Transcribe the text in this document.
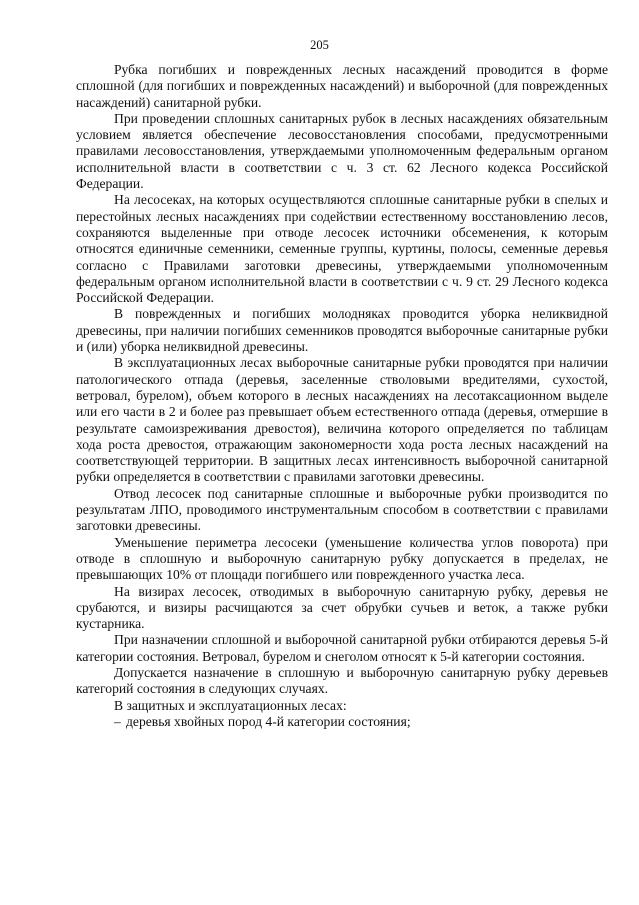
205

Рубка погибших и поврежденных лесных насаждений проводится в форме сплошной (для погибших и поврежденных насаждений) и выборочной (для поврежденных насаждений) санитарной рубки.

При проведении сплошных санитарных рубок в лесных насаждениях обязательным условием является обеспечение лесовосстановления способами, предусмотренными правилами лесовосстановления, утверждаемыми уполномоченным федеральным органом исполнительной власти в соответствии с ч. 3 ст. 62 Лесного кодекса Российской Федерации.

На лесосеках, на которых осуществляются сплошные санитарные рубки в спелых и перестойных лесных насаждениях при содействии естественному восстановлению лесов, сохраняются выделенные при отводе лесосек источники обсеменения, к которым относятся единичные семенники, семенные группы, куртины, полосы, семенные деревья согласно с Правилами заготовки древесины, утверждаемыми уполномоченным федеральным органом исполнительной власти в соответствии с ч. 9 ст. 29 Лесного кодекса Российской Федерации.

В поврежденных и погибших молодняках проводится уборка неликвидной древесины, при наличии погибших семенников проводятся выборочные санитарные рубки и (или) уборка неликвидной древесины.

В эксплуатационных лесах выборочные санитарные рубки проводятся при наличии патологического отпада (деревья, заселенные стволовыми вредителями, сухостой, ветровал, бурелом), объем которого в лесных насаждениях на лесотаксационном выделе или его части в 2 и более раз превышает объем естественного отпада (деревья, отмершие в результате самоизреживания древостоя), величина которого определяется по таблицам хода роста древостоя, отражающим закономерности хода роста лесных насаждений на соответствующей территории. В защитных лесах интенсивность выборочной санитарной рубки определяется в соответствии с правилами заготовки древесины.

Отвод лесосек под санитарные сплошные и выборочные рубки производится по результатам ЛПО, проводимого инструментальным способом в соответствии с правилами заготовки древесины.

Уменьшение периметра лесосеки (уменьшение количества углов поворота) при отводе в сплошную и выборочную санитарную рубку допускается в пределах, не превышающих 10% от площади погибшего или поврежденного участка леса.

На визирах лесосек, отводимых в выборочную санитарную рубку, деревья не срубаются, и визиры расчищаются за счет обрубки сучьев и веток, а также рубки кустарника.

При назначении сплошной и выборочной санитарной рубки отбираются деревья 5-й категории состояния. Ветровал, бурелом и снеголом относят к 5-й категории состояния.

Допускается назначение в сплошную и выборочную санитарную рубку деревьев категорий состояния в следующих случаях.

В защитных и эксплуатационных лесах:

– деревья хвойных пород 4-й категории состояния;
